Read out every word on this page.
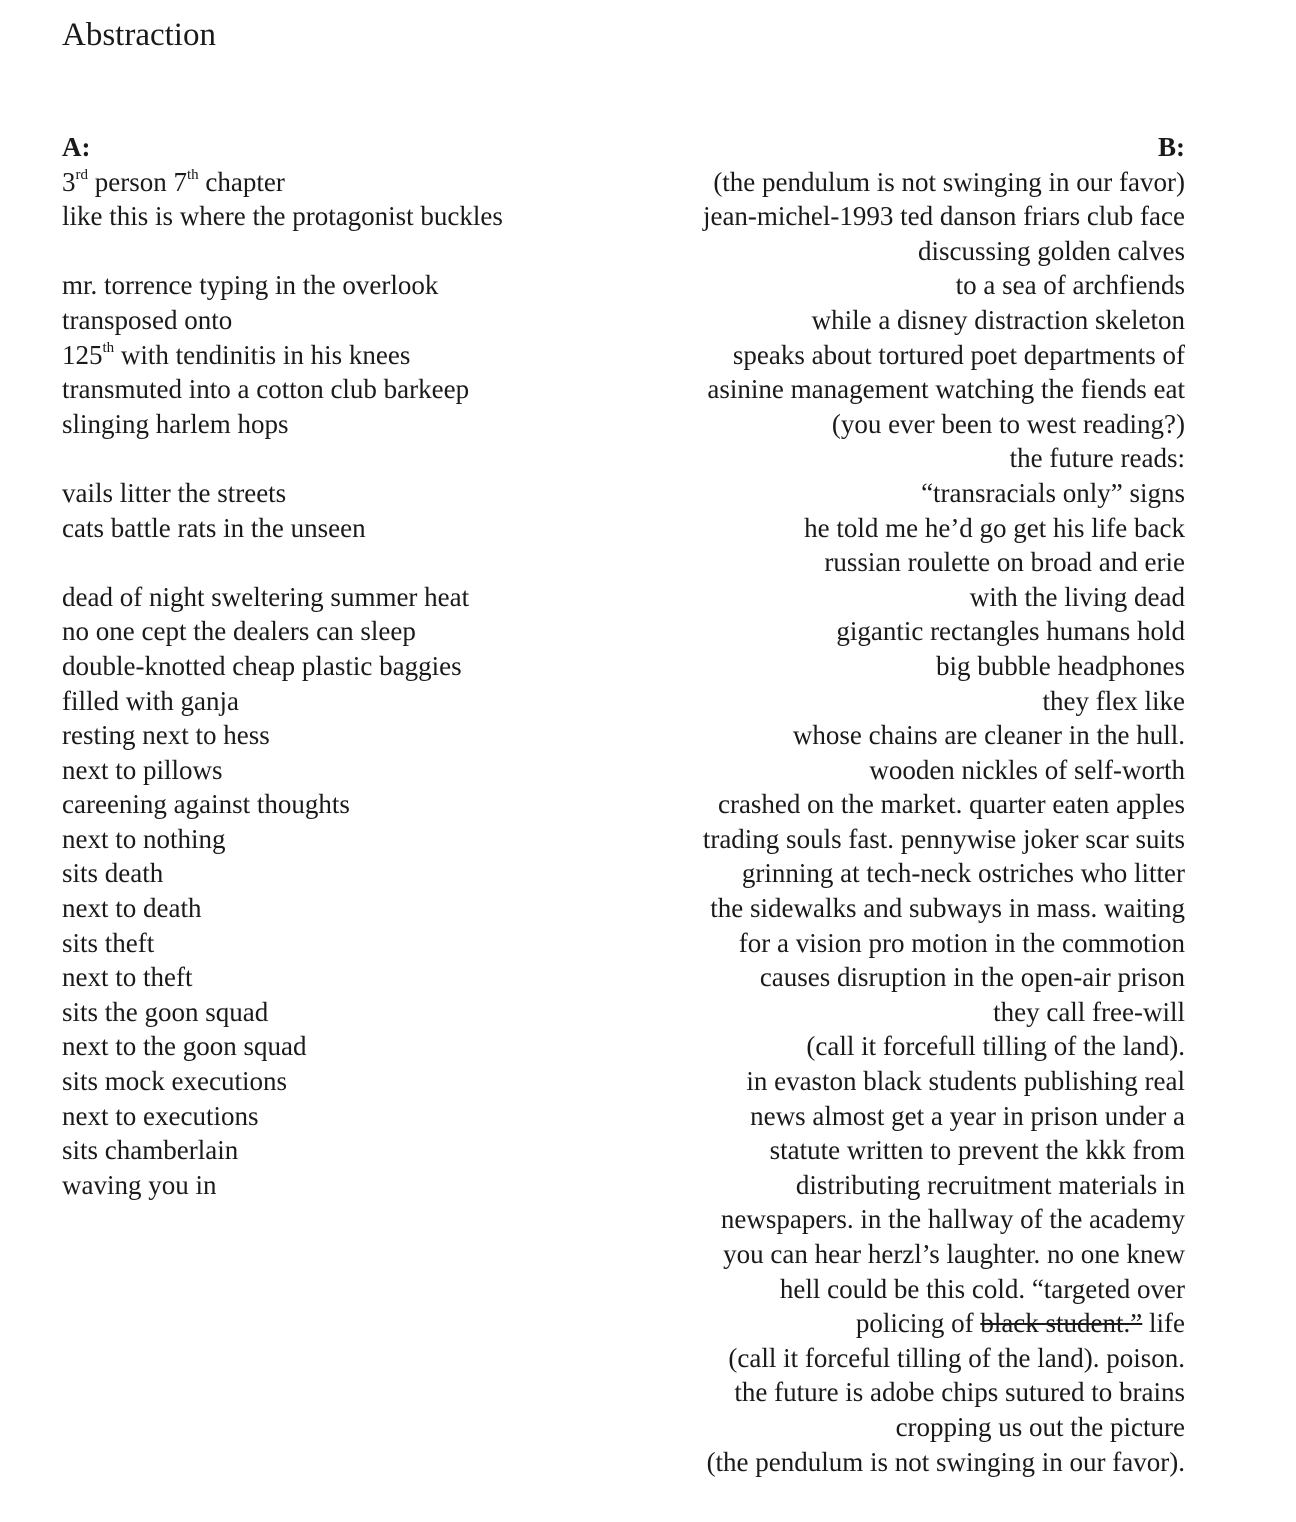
Abstraction
A:
3rd person 7th chapter
like this is where the protagonist buckles
mr. torrence typing in the overlook
transposed onto
125th with tendinitis in his knees
transmuted into a cotton club barkeep
slinging harlem hops
vails litter the streets
cats battle rats in the unseen
dead of night sweltering summer heat
no one cept the dealers can sleep
double-knotted cheap plastic baggies
filled with ganja
resting next to hess
next to pillows
careening against thoughts
next to nothing
sits death
next to death
sits theft
next to theft
sits the goon squad
next to the goon squad
sits mock executions
next to executions
sits chamberlain
waving you in
B:
(the pendulum is not swinging in our favor)
jean-michel-1993 ted danson friars club face
discussing golden calves
to a sea of archfiends
while a disney distraction skeleton
speaks about tortured poet departments of
asinine management watching the fiends eat
(you ever been to west reading?)
the future reads:
“transracials only” signs
he told me he’d go get his life back
russian roulette on broad and erie
with the living dead
gigantic rectangles humans hold
big bubble headphones
they flex like
whose chains are cleaner in the hull.
wooden nickles of self-worth
crashed on the market. quarter eaten apples
trading souls fast. pennywise joker scar suits
grinning at tech-neck ostriches who litter
the sidewalks and subways in mass. waiting
for a vision pro motion in the commotion
causes disruption in the open-air prison
they call free-will
(call it forcefull tilling of the land).
in evaston black students publishing real
news almost get a year in prison under a
statute written to prevent the kkk from
distributing recruitment materials in
newspapers. in the hallway of the academy
you can hear herzl’s laughter. no one knew
hell could be this cold. “targeted over
policing of black student.” life
(call it forceful tilling of the land). poison.
the future is adobe chips sutured to brains
cropping us out the picture
(the pendulum is not swinging in our favor).
